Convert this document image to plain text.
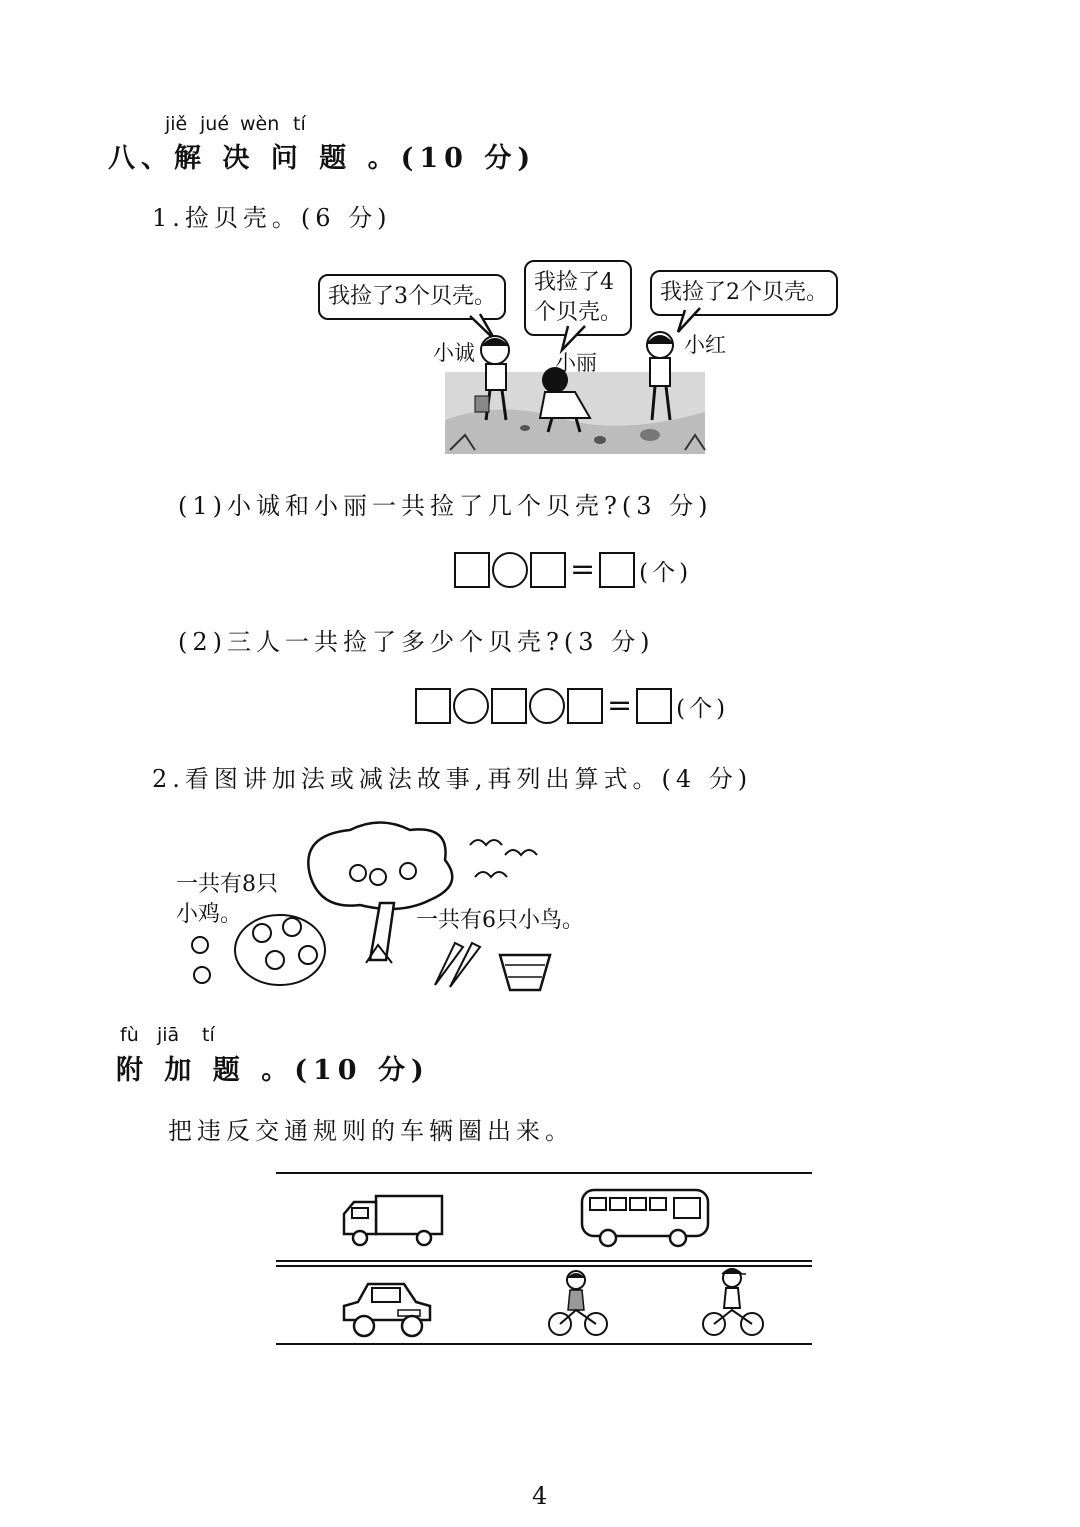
jiě jué wèn tí
八、解 决 问 题 。(10 分)
1.捡贝壳。(6 分)
我捡了3个贝壳。
我捡了4
个贝壳。
我捡了2个贝壳。
小诚	小丽
小红
(1)小诚和小丽一共捡了几个贝壳?(3 分)
= (个)
(2)三人一共捡了多少个贝壳?(3 分)
= (个)
2.看图讲加法或减法故事,再列出算式。(4 分)
一共有8只
小鸡。	一共有6只小鸟。
fù jiā tí
附 加 题 。(10 分)
把违反交通规则的车辆圈出来。
4
